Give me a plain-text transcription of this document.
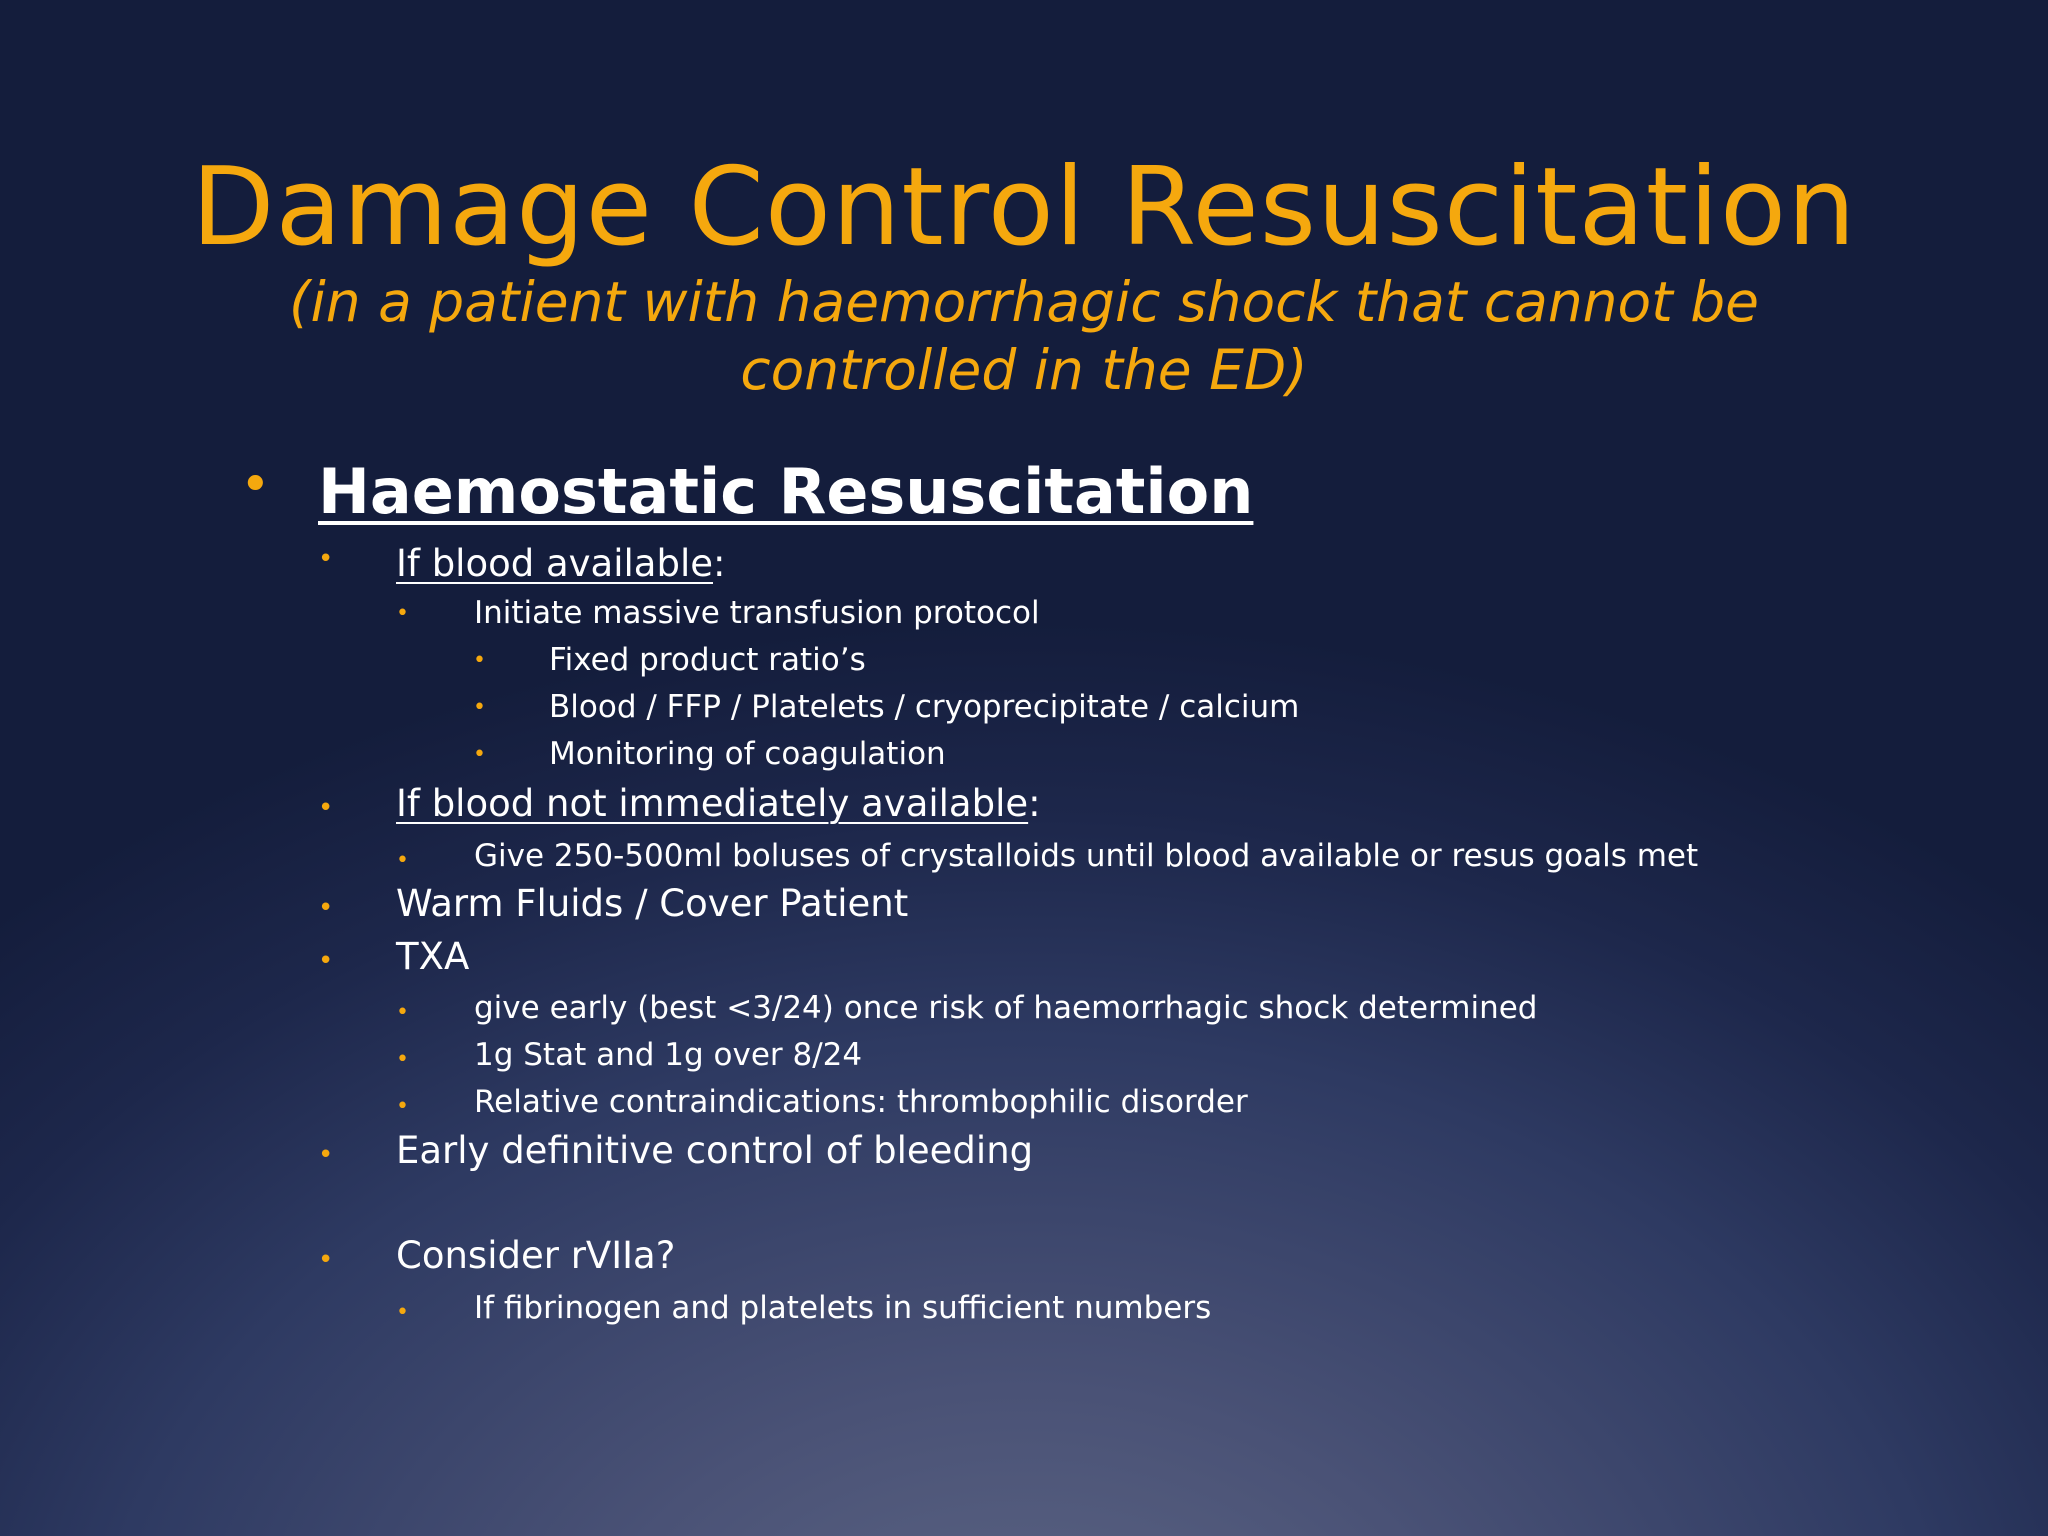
Damage Control Resuscitation
(in a patient with haemorrhagic shock that cannot be controlled in the ED)
• Haemostatic Resuscitation
• If blood available:
• Initiate massive transfusion protocol
• Fixed product ratio’s
• Blood / FFP / Platelets / cryoprecipitate / calcium
• Monitoring of coagulation
• If blood not immediately available:
• Give 250-500ml boluses of crystalloids until blood available or resus goals met
• Warm Fluids / Cover Patient
• TXA
• give early (best <3/24) once risk of haemorrhagic shock determined
• 1g Stat and 1g over 8/24
• Relative contraindications: thrombophilic disorder
• Early definitive control of bleeding
• Consider rVIIa?
• If fibrinogen and platelets in sufficient numbers
